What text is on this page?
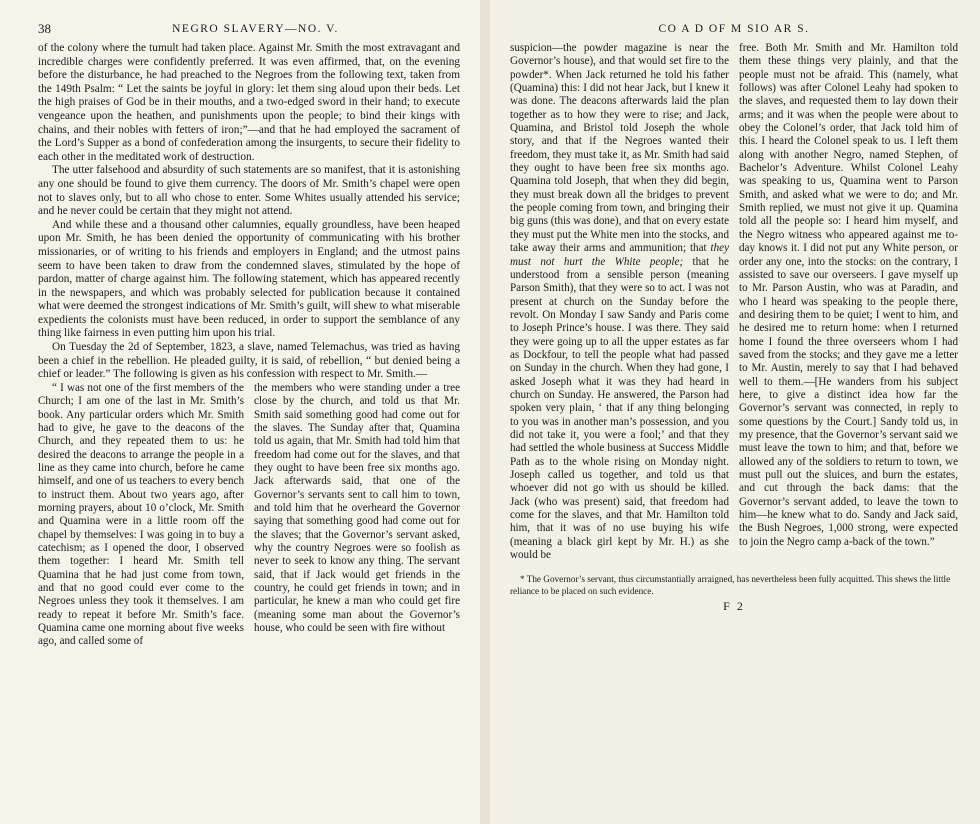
38	NEGRO SLAVERY—NO. V.

of the colony where the tumult had taken place. Against Mr. Smith the most extravagant and incredible charges were confidently preferred. It was even affirmed, that, on the evening before the disturbance, he had preached to the Negroes from the following text, taken from the 149th Psalm: “ Let the saints be joyful in glory: let them sing aloud upon their beds. Let the high praises of God be in their mouths, and a two-edged sword in their hand; to execute vengeance upon the heathen, and punishments upon the people; to bind their kings with chains, and their nobles with fetters of iron;”—and that he had employed the sacrament of the Lord’s Supper as a bond of confederation among the insurgents, to secure their fidelity to each other in the meditated work of destruction.

The utter falsehood and absurdity of such statements are so manifest, that it is astonishing any one should be found to give them currency. The doors of Mr. Smith’s chapel were open not to slaves only, but to all who chose to enter. Some Whites usually attended his service; and he never could be certain that they might not attend.

And while these and a thousand other calumnies, equally groundless, have been heaped upon Mr. Smith, he has been denied the opportunity of communicating with his brother missionaries, or of writing to his friends and employers in England; and the utmost pains seem to have been taken to draw from the condemned slaves, stimulated by the hope of pardon, matter of charge against him. The following statement, which has appeared recently in the newspapers, and which was probably selected for publication because it contained what were deemed the strongest indications of Mr. Smith’s guilt, will shew to what miserable expedients the colonists must have been reduced, in order to support the semblance of any thing like fairness in even putting him upon his trial.

On Tuesday the 2d of September, 1823, a slave, named Telemachus, was tried as having been a chief in the rebellion. He pleaded guilty, it is said, of rebellion, “ but denied being a chief or leader.” The following is given as his confession with respect to Mr. Smith.—

“ I was not one of the first members of the Church; I am one of the last in Mr. Smith’s book. Any particular orders which Mr. Smith had to give, he gave to the deacons of the Church, and they repeated them to us: he desired the deacons to arrange the people in a line as they came into church, before he came himself, and one of us teachers to every bench to instruct them. About two years ago, after morning prayers, about 10 o’clock, Mr. Smith and Quamina were in a little room off the chapel by themselves: I was going in to buy a catechism; as I opened the door, I observed them together: I heard Mr. Smith tell Quamina that he had just come from town, and that no good could ever come to the Negroes unless they took it themselves. I am ready to repeat it before Mr. Smith’s face. Quamina came one morning about five weeks ago, and called some of

the members who were standing under a tree close by the church, and told us that Mr. Smith said something good had come out for the slaves. The Sunday after that, Quamina told us again, that Mr. Smith had told him that freedom had come out for the slaves, and that they ought to have been free six months ago. Jack afterwards said, that one of the Governor’s servants sent to call him to town, and told him that he overheard the Governor saying that something good had come out for the slaves; that the Governor’s servant asked, why the country Negroes were so foolish as never to seek to know any thing. The servant said, that if Jack would get friends in the country, he could get friends in town; and in particular, he knew a man who could get fire (meaning some man about the Governor’s house, who could be seen with fire without

CO A D OF M SIO AR S.

suspicion—the powder magazine is near the Governor’s house), and that would set fire to the powder*. When Jack returned he told his father (Quamina) this: I did not hear Jack, but I knew it was done. The deacons afterwards laid the plan together as to how they were to rise; and Jack, Quamina, and Bristol told Joseph the whole story, and that if the Negroes wanted their freedom, they must take it, as Mr. Smith had said they ought to have been free six months ago. Quamina told Joseph, that when they did begin, they must break down all the bridges to prevent the people coming from town, and bringing their big guns (this was done), and that on every estate they must put the White men into the stocks, and take away their arms and ammunition; that they must not hurt the White people; that he understood from a sensible person (meaning Parson Smith), that they were so to act. I was not present at church on the Sunday before the revolt. On Monday I saw Sandy and Paris come to Joseph Prince’s house. I was there. They said they were going up to all the upper estates as far as Dockfour, to tell the people what had passed on Sunday in the church. When they had gone, I asked Joseph what it was they had heard in church on Sunday. He answered, the Parson had spoken very plain, ‘ that if any thing belonging to you was in another man’s possession, and you did not take it, you were a fool;’ and that they had settled the whole business at Success Middle Path as to the whole rising on Monday night. Joseph called us together, and told us that whoever did not go with us should be killed. Jack (who was present) said, that freedom had come for the slaves, and that Mr. Hamilton told him, that it was of no use buying his wife (meaning a black girl kept by Mr. H.) as she would be

free. Both Mr. Smith and Mr. Hamilton told them these things very plainly, and that the people must not be afraid. This (namely, what follows) was after Colonel Leahy had spoken to the slaves, and requested them to lay down their arms; and it was when the people were about to obey the Colonel’s order, that Jack told him of this. I heard the Colonel speak to us. I left them along with another Negro, named Stephen, of Bachelor’s Adventure. Whilst Colonel Leahy was speaking to us, Quamina went to Parson Smith, and asked what we were to do; and Mr. Smith replied, we must not give it up. Quamina told all the people so: I heard him myself, and the Negro witness who appeared against me to-day knows it. I did not put any White person, or order any one, into the stocks: on the contrary, I assisted to save our overseers. I gave myself up to Mr. Parson Austin, who was at Paradin, and who I heard was speaking to the people there, and desiring them to be quiet; I went to him, and he desired me to return home: when I returned home I found the three overseers whom I had saved from the stocks; and they gave me a letter to Mr. Austin, merely to say that I had behaved well to them.—[He wanders from his subject here, to give a distinct idea how far the Governor’s servant was connected, in reply to some questions by the Court.] Sandy told us, in my presence, that the Governor’s servant said we must leave the town to him; and that, before we allowed any of the soldiers to return to town, we must pull out the sluices, and burn the estates, and cut through the back dams: that the Governor’s servant added, to leave the town to him—he knew what to do. Sandy and Jack said, the Bush Negroes, 1,000 strong, were expected to join the Negro camp a-back of the town.”

* The Governor’s servant, thus circumstantially arraigned, has nevertheless been fully acquitted. This shews the little reliance to be placed on such evidence.
F 2
